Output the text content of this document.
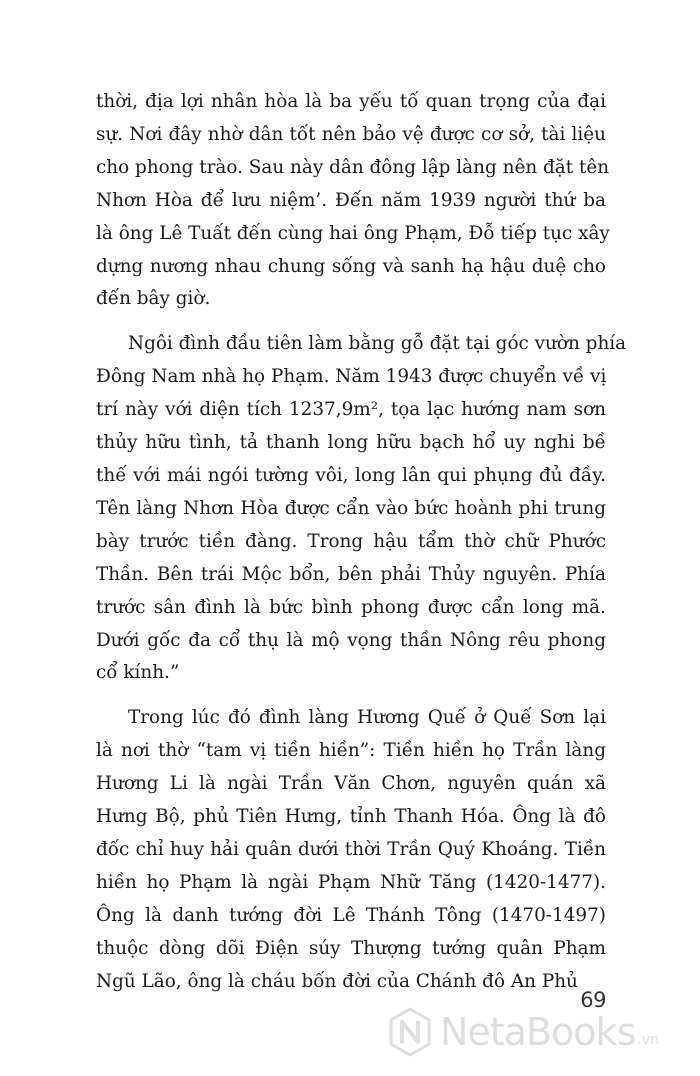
thời, địa lợi nhân hòa là ba yếu tố quan trọng của đại
sự. Nơi đây nhờ dân tốt nên bảo vệ được cơ sở, tài liệu
cho phong trào. Sau này dân đông lập làng nên đặt tên
Nhơn Hòa để lưu niệm’. Đến năm 1939 người thứ ba
là ông Lê Tuất đến cùng hai ông Phạm, Đỗ tiếp tục xây
dựng nương nhau chung sống và sanh hạ hậu duệ cho
đến bây giờ.
Ngôi đình đầu tiên làm bằng gỗ đặt tại góc vườn phía
Đông Nam nhà họ Phạm. Năm 1943 được chuyển về vị
trí này với diện tích 1237,9m², tọa lạc hướng nam sơn
thủy hữu tình, tả thanh long hữu bạch hổ uy nghi bề
thế với mái ngói tường vôi, long lân qui phụng đủ đầy.
Tên làng Nhơn Hòa được cẩn vào bức hoành phi trung
bày trước tiền đàng. Trong hậu tẩm thờ chữ Phước
Thần. Bên trái Mộc bổn, bên phải Thủy nguyên. Phía
trước sân đình là bức bình phong được cẩn long mã.
Dưới gốc đa cổ thụ là mộ vọng thần Nông rêu phong
cổ kính.”
Trong lúc đó đình làng Hương Quế ở Quế Sơn lại
là nơi thờ “tam vị tiền hiền”: Tiền hiền họ Trần làng
Hương Li là ngài Trần Văn Chơn, nguyên quán xã
Hưng Bộ, phủ Tiên Hưng, tỉnh Thanh Hóa. Ông là đô
đốc chỉ huy hải quân dưới thời Trần Quý Khoáng. Tiền
hiền họ Phạm là ngài Phạm Nhữ Tăng (1420-1477).
Ông là danh tướng đời Lê Thánh Tông (1470-1497)
thuộc dòng dõi Điện súy Thượng tướng quân Phạm
Ngũ Lão, ông là cháu bốn đời của Chánh đô An Phủ
69
NetaBooks .vn
